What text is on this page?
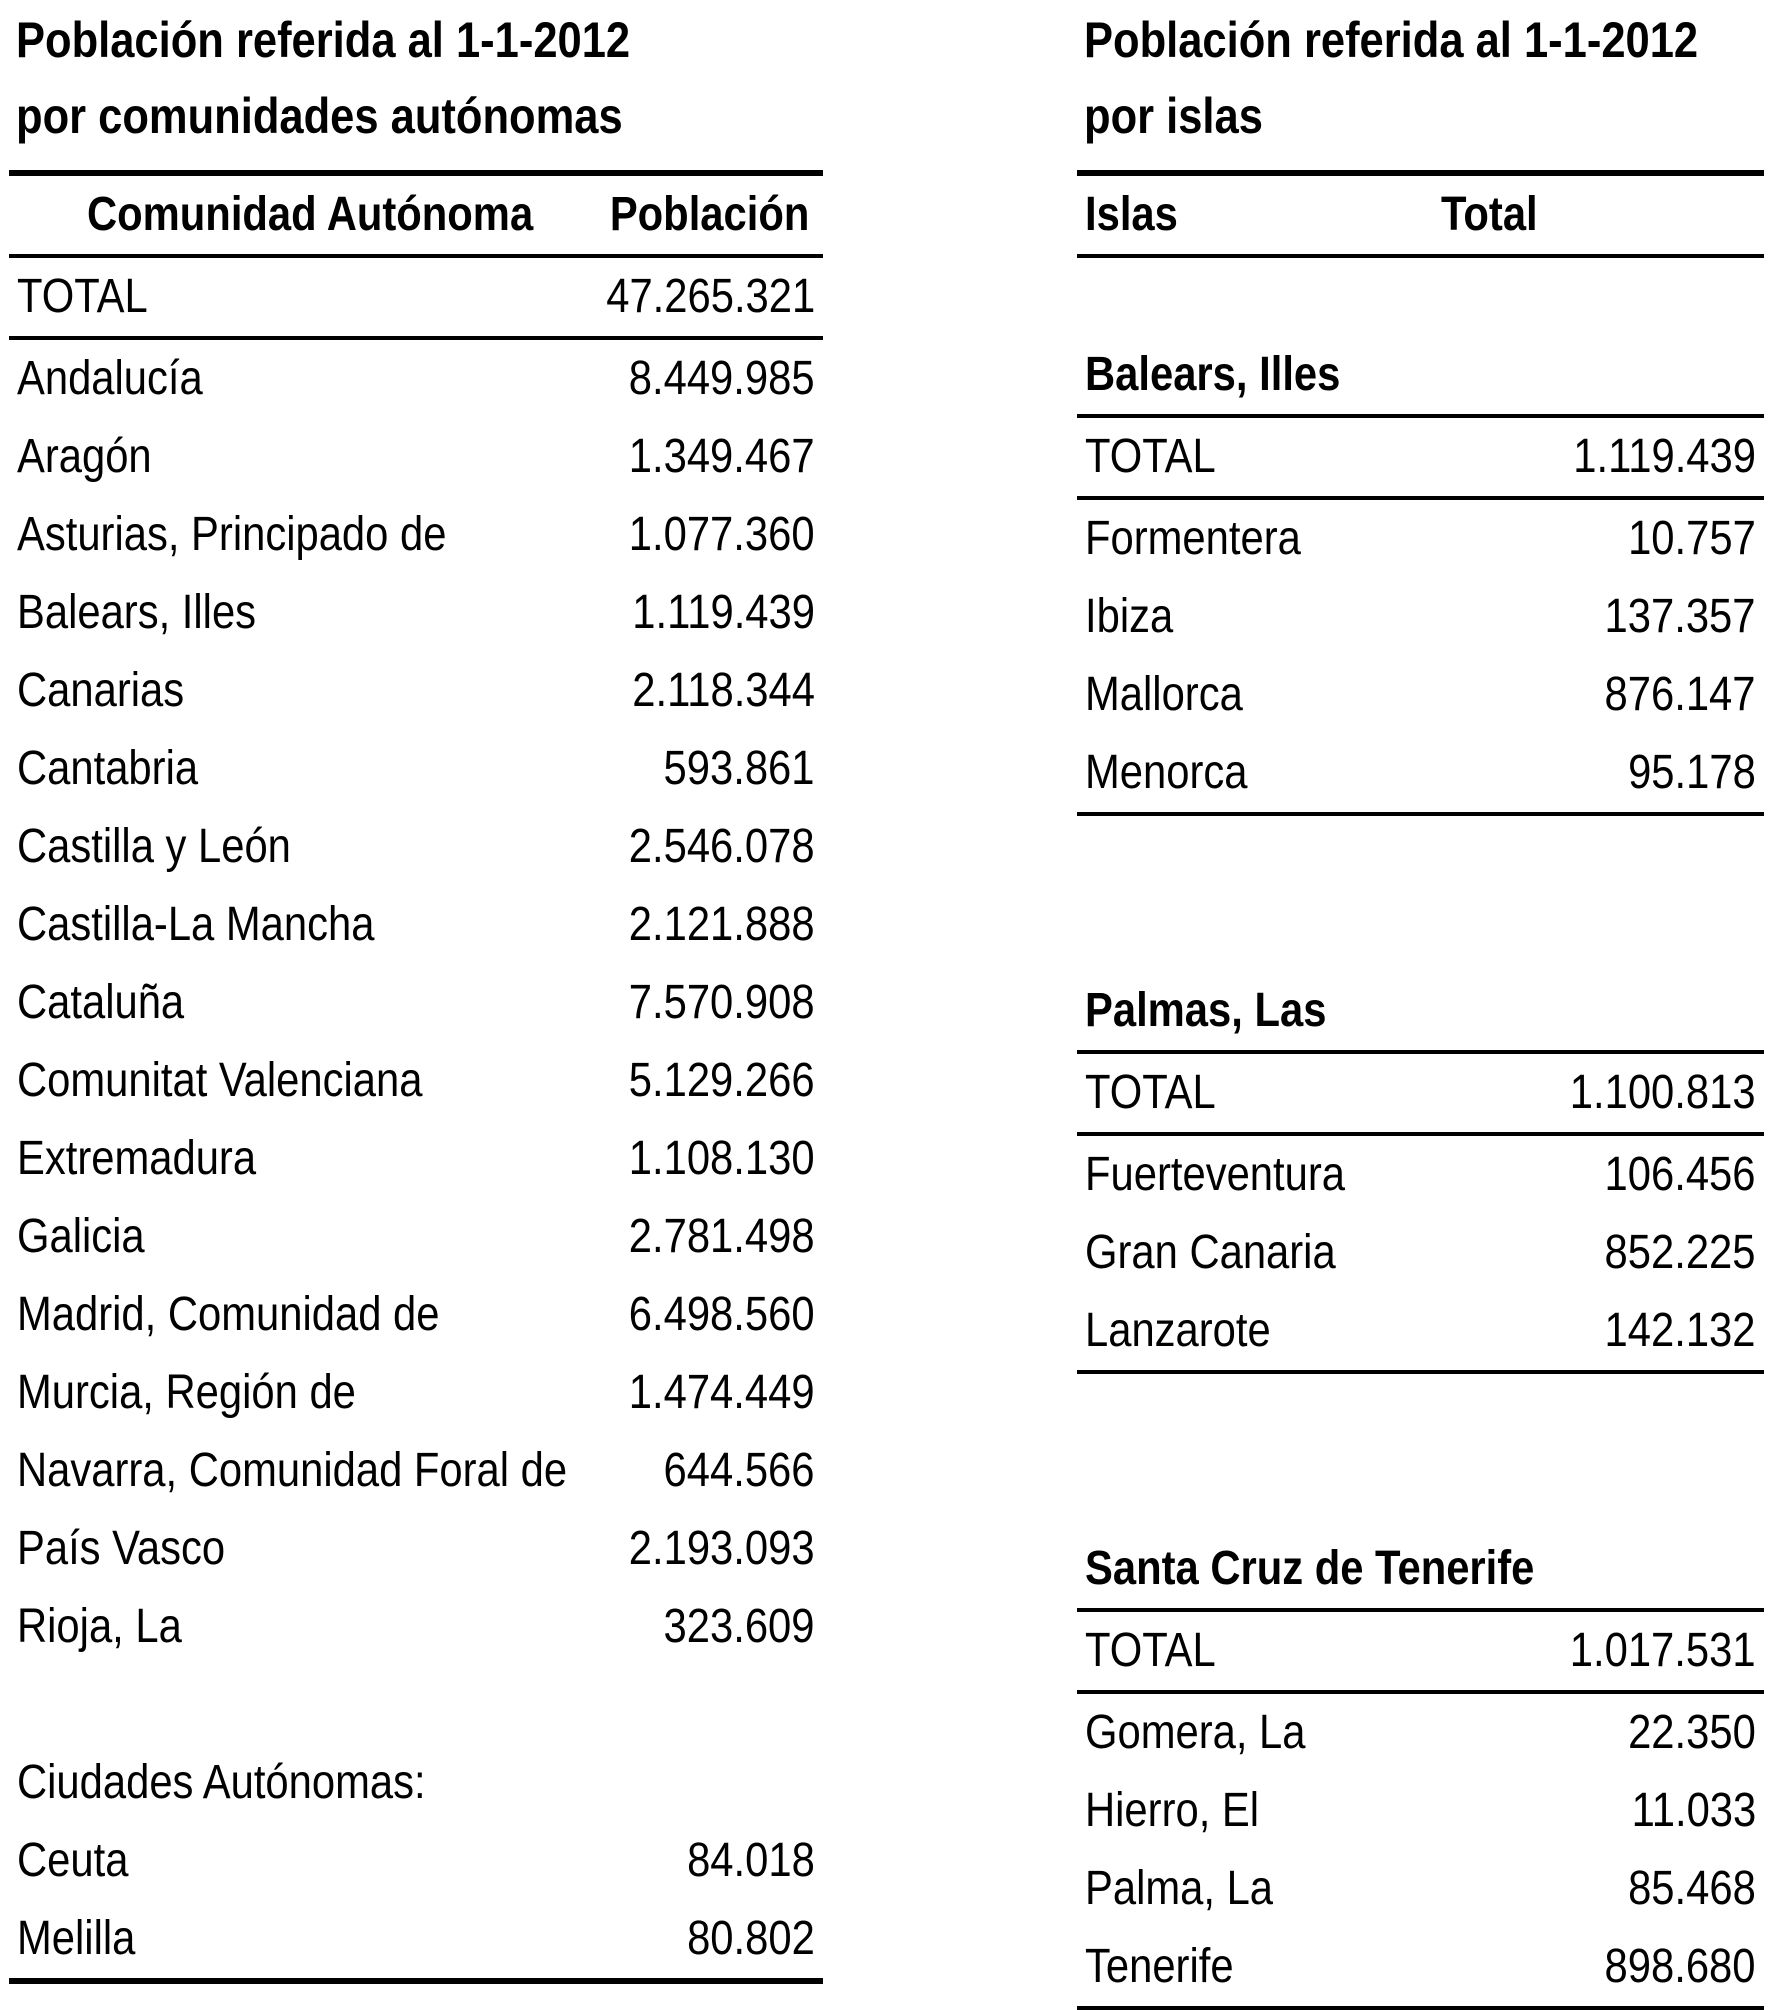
Población referida al 1-1-2012
por comunidades autónomas
Población referida al 1-1-2012
por islas
Comunidad Autónoma Población
TOTAL	47.265.321
Andalucía	8.449.985
Aragón	1.349.467
Asturias, Principado de	1.077.360
Balears, Illes	1.119.439
Canarias	2.118.344
Cantabria	593.861
Castilla y León	2.546.078
Castilla-La Mancha	2.121.888
Cataluña	7.570.908
Comunitat Valenciana	5.129.266
Extremadura	1.108.130
Galicia	2.781.498
Madrid, Comunidad de	6.498.560
Murcia, Región de	1.474.449
Navarra, Comunidad Foral de 644.566
País Vasco	2.193.093
Rioja, La	323.609
Ciudades Autónomas:
Ceuta	84.018
Melilla	80.802
Islas	Total
Balears, Illes
TOTAL	1.119.439
Formentera	10.757
Ibiza	137.357
Mallorca	876.147
Menorca	95.178
Palmas, Las
TOTAL	1.100.813
Fuerteventura	106.456
Gran Canaria	852.225
Lanzarote	142.132
Santa Cruz de Tenerife
TOTAL	1.017.531
Gomera, La	22.350
Hierro, El	11.033
Palma, La	85.468
Tenerife	898.680
